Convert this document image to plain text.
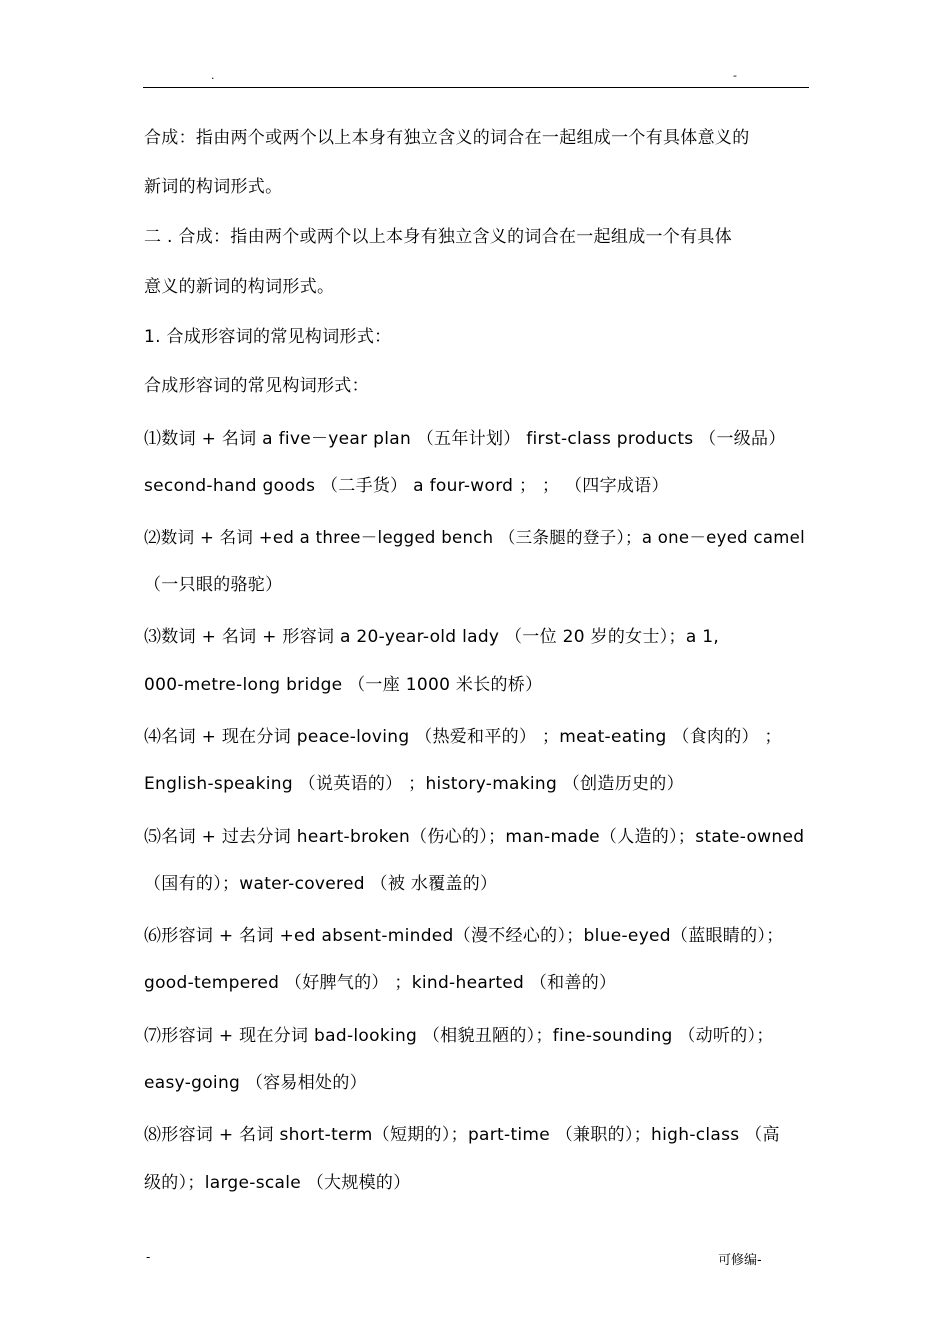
.	-
合成：指由两个或两个以上本身有独立含义的词合在一起组成一个有具体意义的
新词的构词形式。
二 . 合成：指由两个或两个以上本身有独立含义的词合在一起组成一个有具体
意义的新词的构词形式。
1. 合成形容词的常见构词形式：
合成形容词的常见构词形式：
⑴数词 + 名词 a five－year plan （五年计划） first-class products （一级品）
second-hand goods （二手货） a four-word ； ； （四字成语）
⑵数词 + 名词 +ed a three－legged bench （三条腿的登子）；a one－eyed camel
（一只眼的骆驼）
⑶数词 + 名词 + 形容词 a 20-year-old lady （一位 20 岁的女士）；a 1,
000-metre-long bridge （一座 1000 米长的桥）
⑷名词 + 现在分词 peace-loving （热爱和平的） ；meat-eating （食肉的） ；
English-speaking （说英语的） ；history-making （创造历史的）
⑸名词 + 过去分词 heart-broken（伤心的）；man-made（人造的）；state-owned
（国有的）；water-covered （被 水覆盖的）
⑹形容词 + 名词 +ed absent-minded（漫不经心的）；blue-eyed（蓝眼睛的）；
good-tempered （好脾气的） ；kind-hearted （和善的）
⑺形容词 + 现在分词 bad-looking （相貌丑陋的）；fine-sounding （动听的）；
easy-going （容易相处的）
⑻形容词 + 名词 short-term（短期的）；part-time （兼职的）；high-class （高
级的）；large-scale （大规模的）
-	可修编-
